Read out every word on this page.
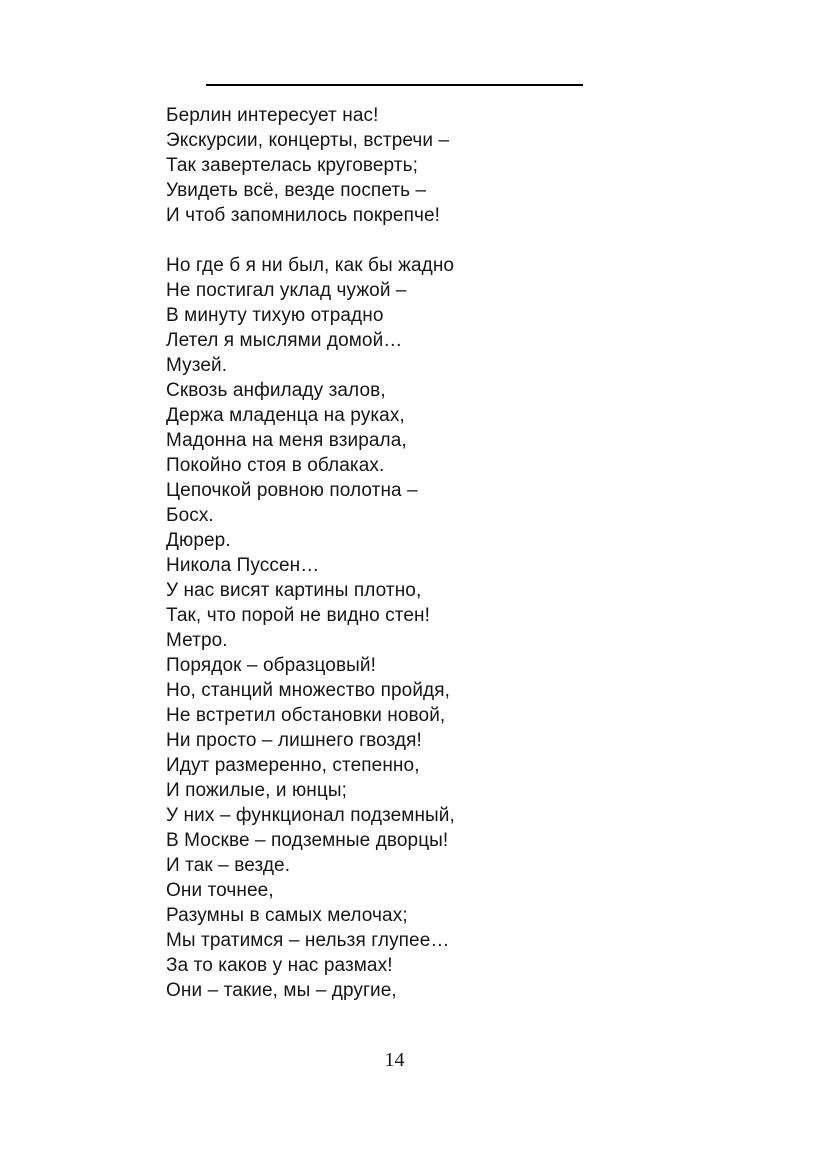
Берлин интересует нас!
Экскурсии, концерты, встречи –
Так завертелась круговерть;
Увидеть всё, везде поспеть –
И чтоб запомнилось покрепче!
Но где б я ни был, как бы жадно
Не постигал уклад чужой –
В минуту тихую отрадно
Летел я мыслями домой…
Музей.
Сквозь анфиладу залов,
Держа младенца на руках,
Мадонна на меня взирала,
Покойно стоя в облаках.
Цепочкой ровною полотна –
Босх.
Дюрер.
Никола Пуссен…
У нас висят картины плотно,
Так, что порой не видно стен!
Метро.
Порядок – образцовый!
Но, станций множество пройдя,
Не встретил обстановки новой,
Ни просто – лишнего гвоздя!
Идут размеренно, степенно,
И пожилые, и юнцы;
У них – функционал подземный,
В Москве – подземные дворцы!
И так – везде.
Они точнее,
Разумны в самых мелочах;
Мы тратимся – нельзя глупее…
За то каков у нас размах!
Они – такие, мы – другие,
14
